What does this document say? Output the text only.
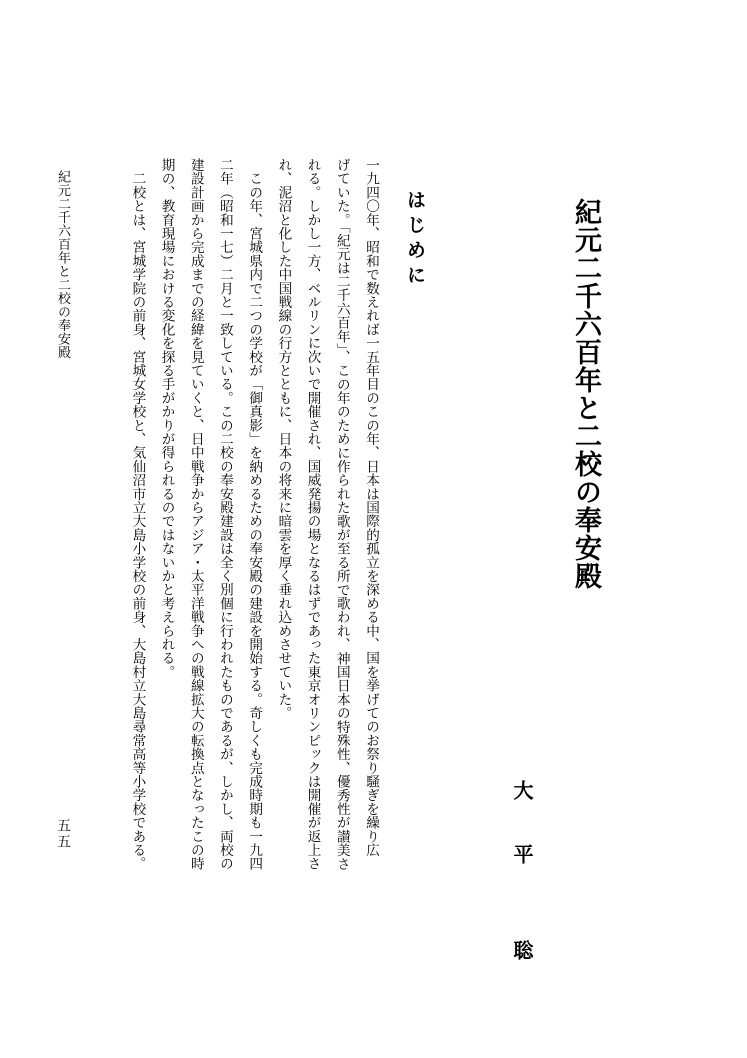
紀元二千六百年と二校の奉安殿
大　平　　聡
はじめに

一九四〇年、昭和で数えれば一五年目のこの年、日本は国際的孤立を深める中、国を挙げてのお祭り騒ぎを繰り広

げていた。「紀元は二千六百年」、この年のために作られた歌が至る所で歌われ、神国日本の特殊性、優秀性が讃美さ

れる。しかし一方、ベルリンに次いで開催され、国威発揚の場となるはずであった東京オリンピックは開催が返上さ

れ、泥沼と化した中国戦線の行方とともに、日本の将来に暗雲を厚く垂れ込めさせていた。

　この年、宮城県内で二つの学校が「御真影」を納めるための奉安殿の建設を開始する。奇しくも完成時期も一九四

二年（昭和一七）二月と一致している。この二校の奉安殿建設は全く別個に行われたものであるが、しかし、両校の

建設計画から完成までの経緯を見ていくと、日中戦争からアジア・太平洋戦争への戦線拡大の転換点となったこの時

期の、教育現場における変化を探る手がかりが得られるのではないかと考えられる。

　二校とは、宮城学院の前身、宮城女学校と、気仙沼市立大島小学校の前身、大島村立大島尋常高等小学校である。

紀元二千六百年と二校の奉安殿
五五
